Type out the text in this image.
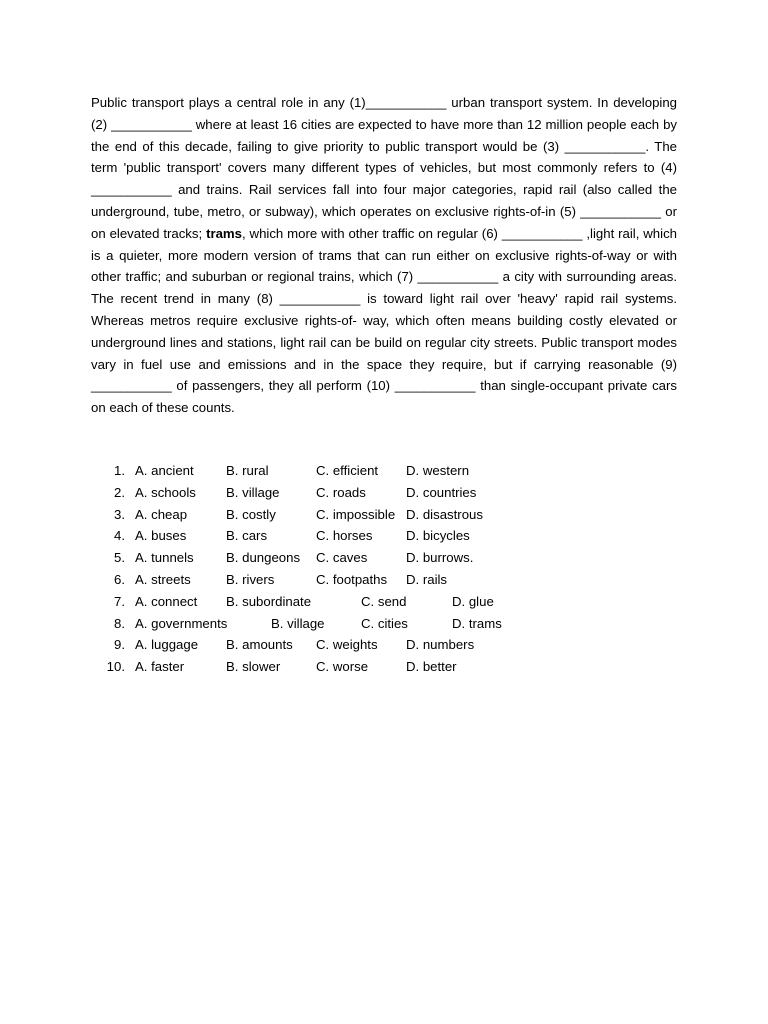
Public transport plays a central role in any (1)___________ urban transport system. In developing (2) ___________ where at least 16 cities are expected to have more than 12 million people each by the end of this decade, failing to give priority to public transport would be (3) ___________. The term 'public transport' covers many different types of vehicles, but most commonly refers to (4) ___________ and trains. Rail services fall into four major categories, rapid rail (also called the underground, tube, metro, or subway), which operates on exclusive rights-of-in (5) ___________ or on elevated tracks; trams, which more with other traffic on regular (6) ___________ ,light rail, which is a quieter, more modern version of trams that can run either on exclusive rights-of-way or with other traffic; and suburban or regional trains, which (7) ___________ a city with surrounding areas. The recent trend in many (8) ___________ is toward light rail over 'heavy' rapid rail systems. Whereas metros require exclusive rights-of- way, which often means building costly elevated or underground lines and stations, light rail can be build on regular city streets. Public transport modes vary in fuel use and emissions and in the space they require, but if carrying reasonable (9) ___________ of passengers, they all perform (10) ___________ than single-occupant private cars on each of these counts.

1. A. ancient B. rural	C. efficient D. western
2. A. schools B. village	C. roads	D. countries
3. A. cheap	B. costly	C. impossible D. disastrous
4. A. buses	B. cars	C. horses	D. bicycles
5. A. tunnels B. dungeons C. caves	D. burrows.
6. A. streets	B. rivers	C. footpaths D. rails
7. A. connect B. subordinate	C. send	D. glue
8. A. governments	B. village	C. cities	D. trams
9. A. luggage B. amounts C. weights D. numbers
10. A. faster	B. slower	C. worse	D. better
